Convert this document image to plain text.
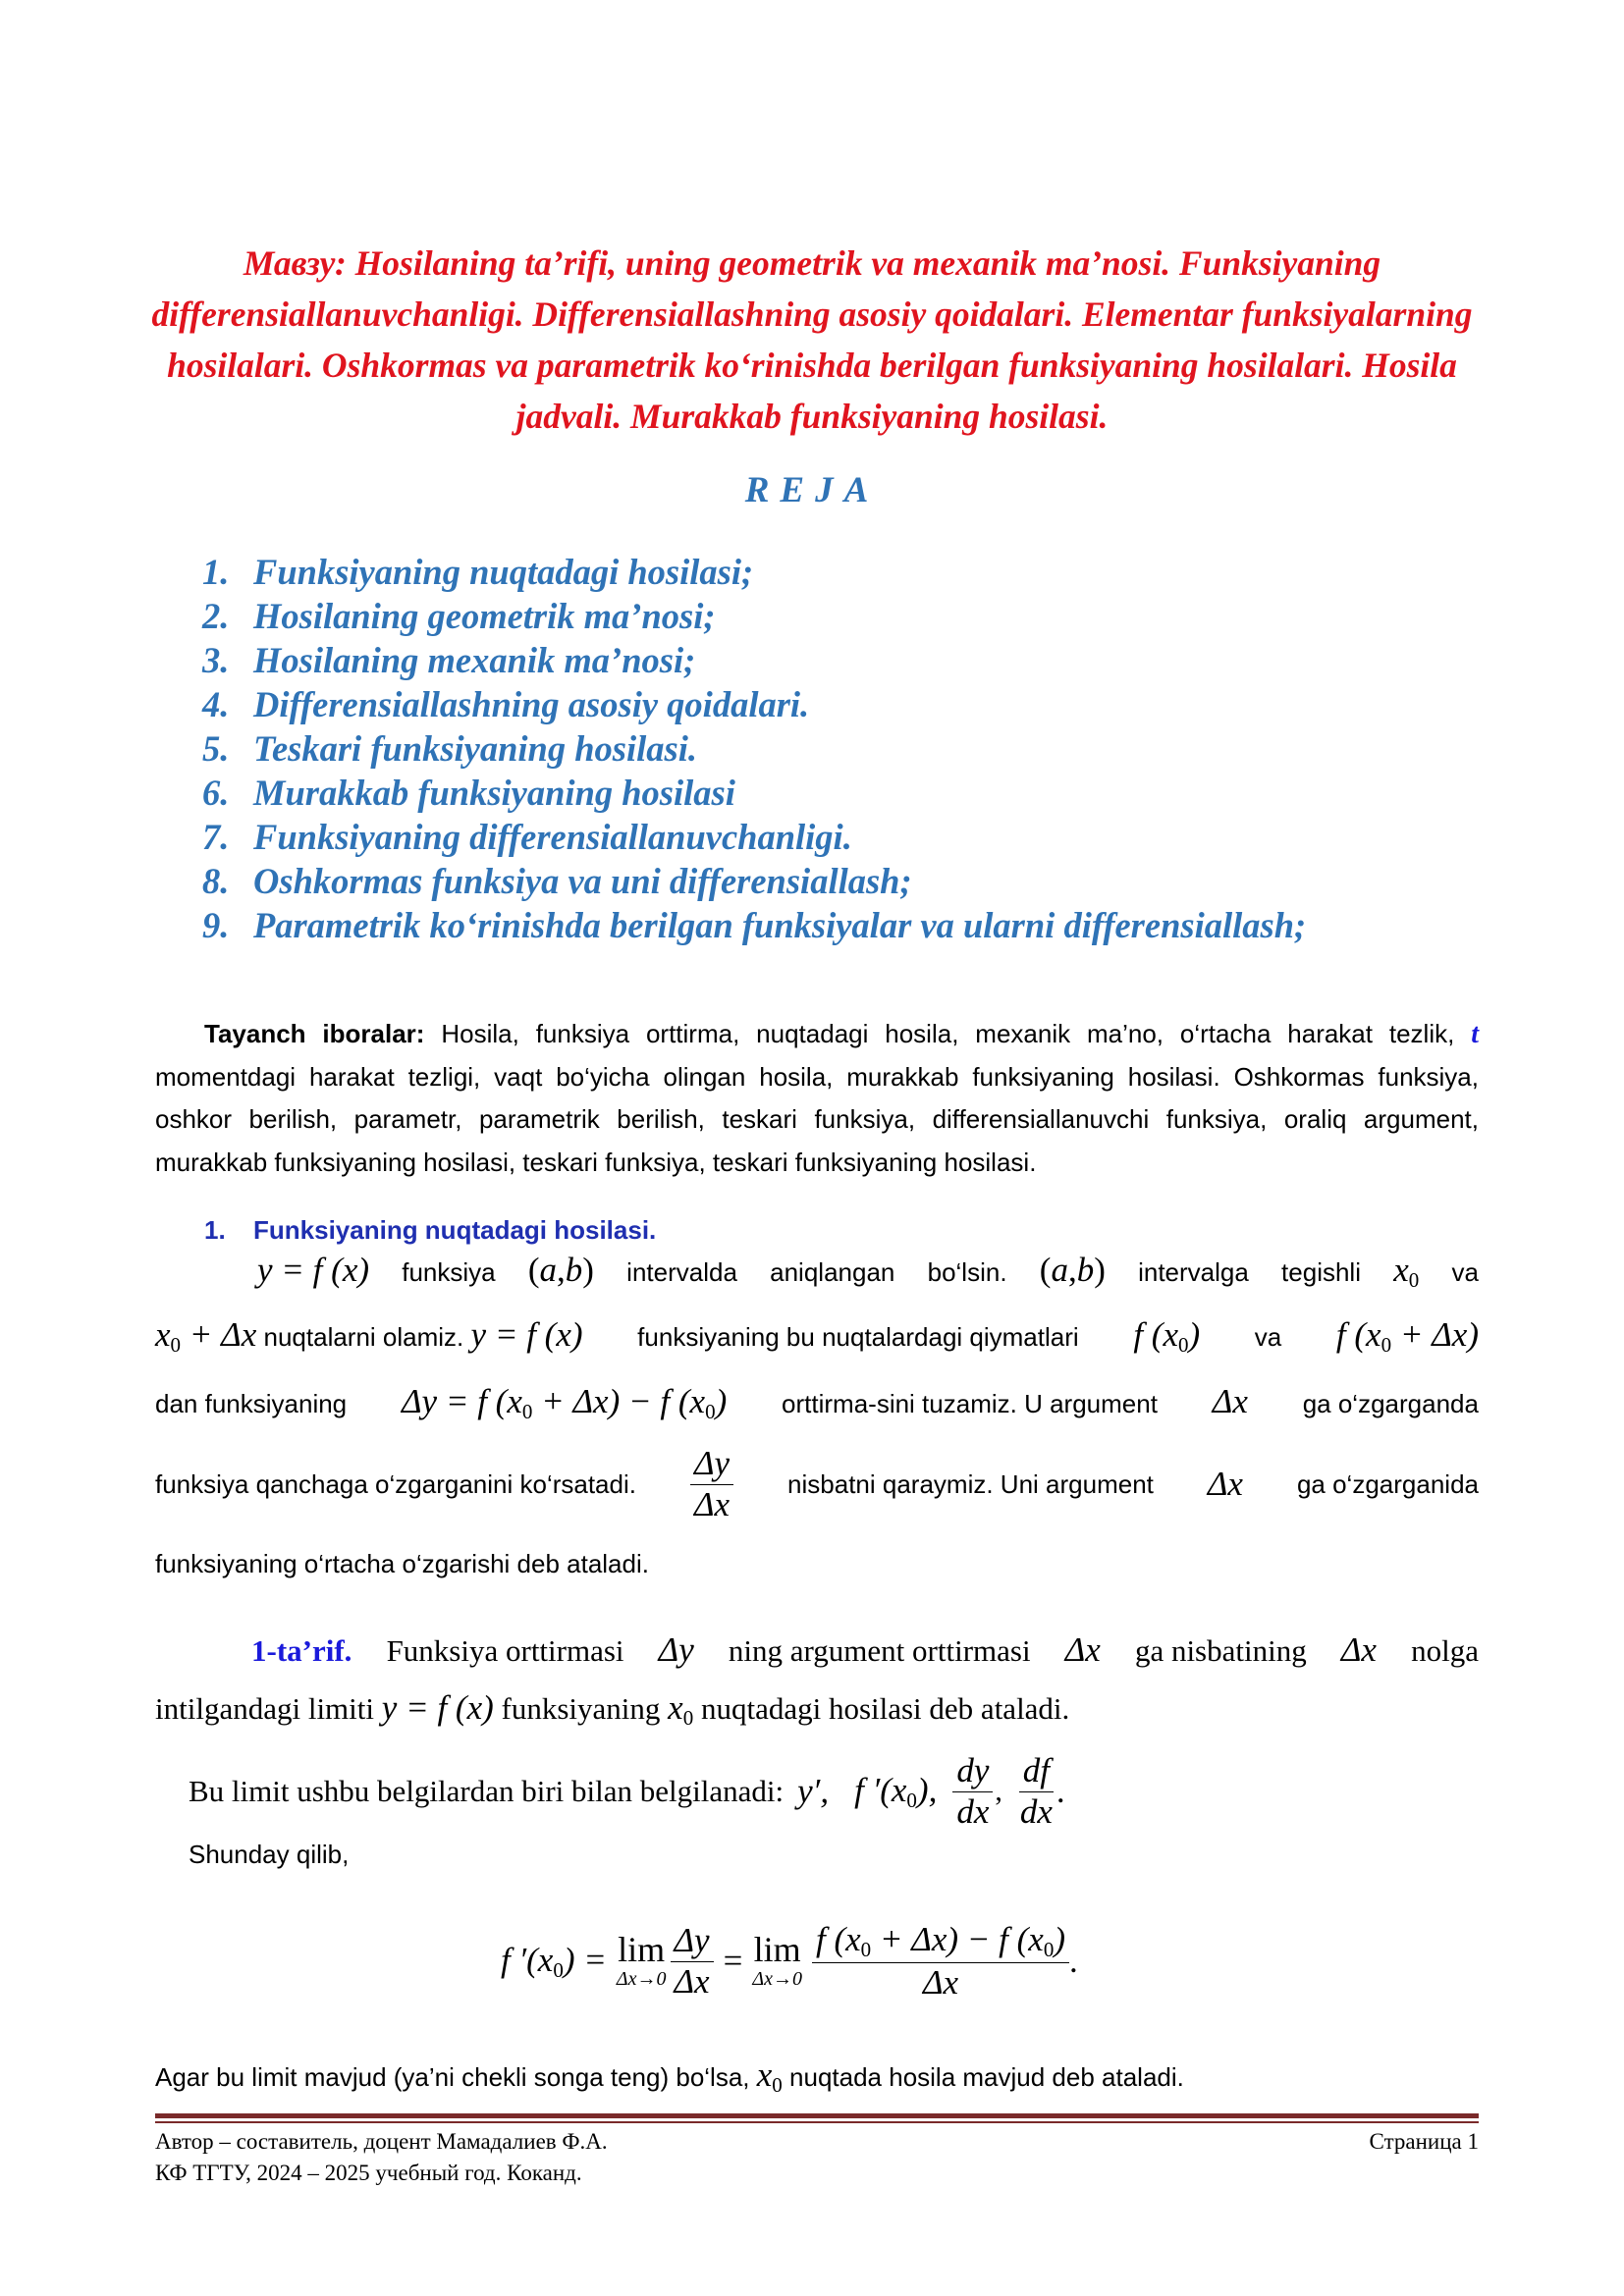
Мавзу: Hosilaning ta’rifi, uning geometrik va mexanik ma’nosi. Funksiyaning differensiallanuvchanligi. Differensiallashning asosiy qoidalari. Elementar funksiyalarning hosilalari. Oshkormas va parametrik ko‘rinishda berilgan funksiyaning hosilalari. Hosila jadvali. Murakkab funksiyaning hosilasi.
REJA
1. Funksiyaning nuqtadagi hosilasi;
2. Hosilaning geometrik ma’nosi;
3. Hosilaning mexanik ma’nosi;
4. Differensiallashning asosiy qoidalari.
5. Teskari funksiyaning hosilasi.
6. Murakkab funksiyaning hosilasi
7. Funksiyaning differensiallanuvchanligi.
8. Oshkormas funksiya va uni differensiallash;
9. Parametrik ko‘rinishda berilgan funksiyalar va ularni differensiallash;
Tayanch iboralar: Hosila, funksiya orttirma, nuqtadagi hosila, mexanik ma’no, o‘rtacha harakat tezlik, t momentdagi harakat tezligi, vaqt bo‘yicha olingan hosila, murakkab funksiyaning hosilasi. Oshkormas funksiya, oshkor berilish, parametr, parametrik berilish, teskari funksiya, differensiallanuvchi funksiya, oraliq argument, murakkab funksiyaning hosilasi, teskari funksiya, teskari funksiyaning hosilasi.
1. Funksiyaning nuqtadagi hosilasi.
y = f (x) funksiya (a,b) intervalda aniqlangan bo‘lsin. (a,b) intervalga tegishli $x_0$ va
$x_0 + \Delta x$ nuqtalarni olamiz. y = f (x) funksiyaning bu nuqtalardagi qiymatlari f $(x_0)$ va f $(x_0 + \Delta x)$
dan funksiyaning Δy = f $(x_0 + \Delta x) - f$ $(x_0)$ orttirma-sini tuzamiz. U argument Δx ga o‘zgarganda
funksiya qanchaga o‘zgarganini ko‘rsatadi. $\frac{\Delta y}{\Delta x}$ nisbatni qaraymiz. Uni argument Δx ga o‘zgarganida
funksiyaning o‘rtacha o‘zgarishi deb ataladi.
1-ta’rif. Funksiya orttirmasi Δy ning argument orttirmasi Δx ga nisbatining Δx nolga
intilgandagi limiti y = f (x) funksiyaning $x_0$ nuqtadagi hosilasi deb ataladi.
Bu limit ushbu belgilardan biri bilan belgilanadi: y′, f $'(x_0)$, $\frac{dy}{dx}$ , $\frac{df}{dx}$ .
Shunday qilib,
f $'(x_0) = \lim$
$\Delta x\to 0 \frac{\Delta y}{\Delta x} = \lim$
$\Delta x\to 0 \frac{f (x_0 + \Delta x) - f (x_0)}{\Delta x}$ .
Agar bu limit mavjud (ya’ni chekli songa teng) bo‘lsa, $x_0$ nuqtada hosila mavjud deb ataladi.
Автор – составитель, доцент Мамадалиев Ф.А.
КФ ТГТУ, 2024 – 2025 учебный год. Коканд.
Страница 1
